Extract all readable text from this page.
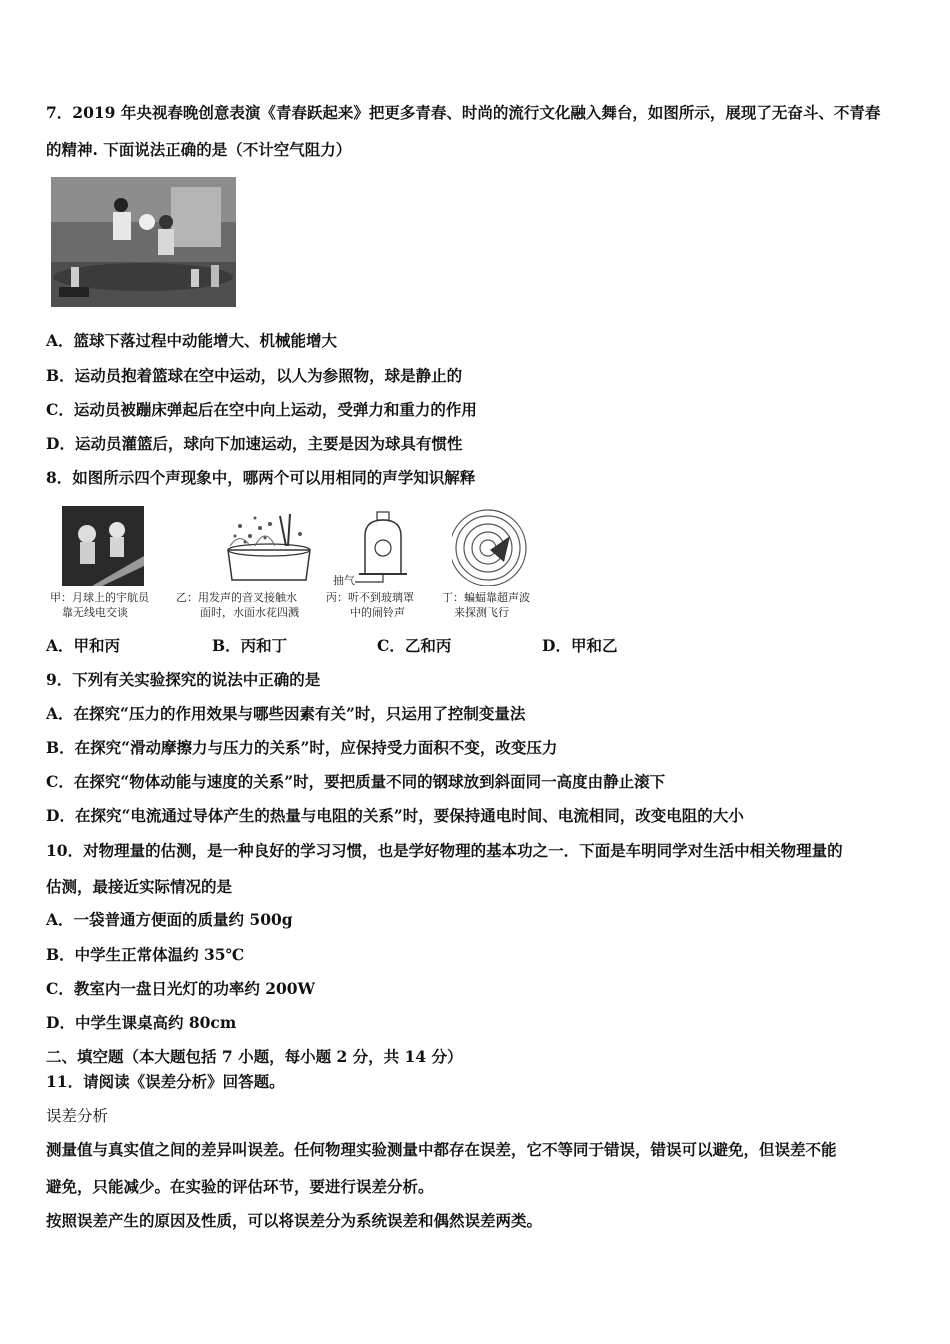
7．2019 年央视春晚创意表演《青春跃起来》把更多青春、时尚的流行文化融入舞台，如图所示，展现了无奋斗、不青春
的精神. 下面说法正确的是（不计空气阻力）
A．篮球下落过程中动能增大、机械能增大
B．运动员抱着篮球在空中运动，以人为参照物，球是静止的
C．运动员被蹦床弹起后在空中向上运动，受弹力和重力的作用
D．运动员灌篮后，球向下加速运动，主要是因为球具有惯性
8．如图所示四个声现象中，哪两个可以用相同的声学知识解释
抽气
甲：月球上的宇航员
靠无线电交谈
乙：用发声的音叉接触水
面时，水面水花四溅
丙：听不到玻璃罩
中的闹铃声
丁：蝙蝠靠超声波
来探测飞行
A．甲和丙	B．丙和丁	C．乙和丙	D．甲和乙
9．下列有关实验探究的说法中正确的是
A．在探究“压力的作用效果与哪些因素有关”时，只运用了控制变量法
B．在探究“滑动摩擦力与压力的关系”时，应保持受力面积不变，改变压力
C．在探究“物体动能与速度的关系”时，要把质量不同的钢球放到斜面同一高度由静止滚下
D．在探究“电流通过导体产生的热量与电阻的关系”时，要保持通电时间、电流相同，改变电阻的大小
10．对物理量的估测，是一种良好的学习习惯，也是学好物理的基本功之一．下面是车明同学对生活中相关物理量的
估测，最接近实际情况的是
A．一袋普通方便面的质量约 500g
B．中学生正常体温约 35℃
C．教室内一盘日光灯的功率约 200W
D．中学生课桌高约 80cm
二、填空题（本大题包括 7 小题，每小题 2 分，共 14 分）
11．请阅读《误差分析》回答题。
误差分析
测量值与真实值之间的差异叫误差。任何物理实验测量中都存在误差，它不等同于错误，错误可以避免，但误差不能
避免，只能减少。在实验的评估环节，要进行误差分析。
按照误差产生的原因及性质，可以将误差分为系统误差和偶然误差两类。
